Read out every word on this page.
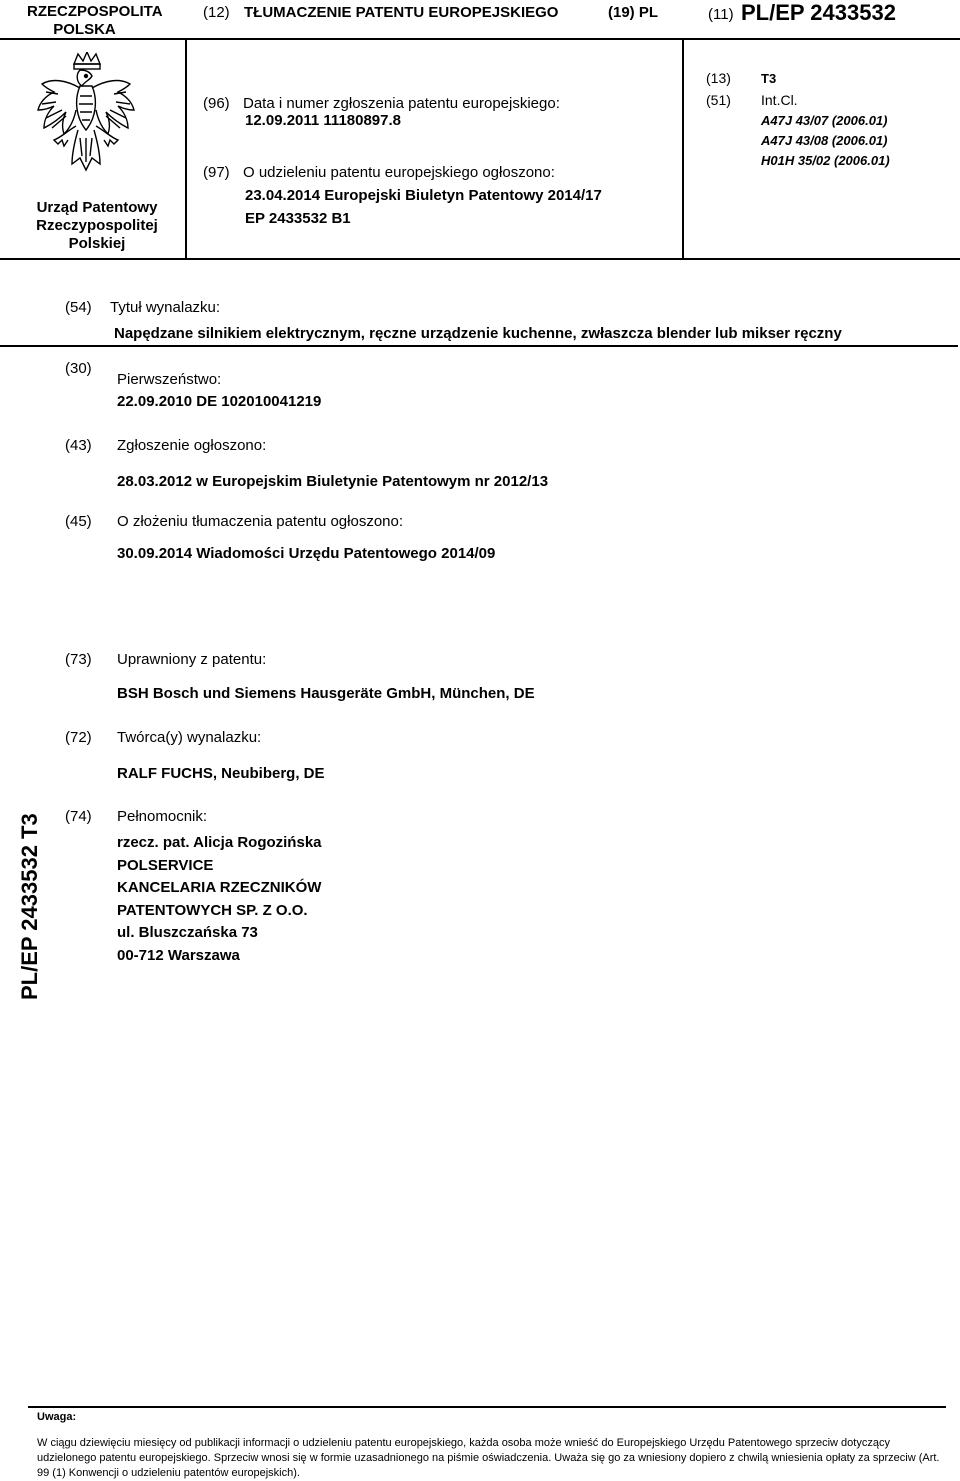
RZECZPOSPOLITA
POLSKA
(12) TŁUMACZENIE PATENTU EUROPEJSKIEGO	(19) PL	(11) PL/EP 2433532
Urząd Patentowy
Rzeczypospolitej
Polskiej
(96) Data i numer zgłoszenia patentu europejskiego:
12.09.2011 11180897.8
(97) O udzieleniu patentu europejskiego ogłoszono:
23.04.2014 Europejski Biuletyn Patentowy 2014/17
EP 2433532 B1
(13) T3
(51) Int.Cl.
A47J 43/07 (2006.01)
A47J 43/08 (2006.01)
H01H 35/02 (2006.01)
(54) Tytuł wynalazku:
Napędzane silnikiem elektrycznym, ręczne urządzenie kuchenne, zwłaszcza blender lub mikser ręczny
(30)
Pierwszeństwo:
22.09.2010 DE 102010041219
(43) Zgłoszenie ogłoszono:
28.03.2012 w Europejskim Biuletynie Patentowym nr 2012/13
(45) O złożeniu tłumaczenia patentu ogłoszono:
30.09.2014 Wiadomości Urzędu Patentowego 2014/09
(73) Uprawniony z patentu:
BSH Bosch und Siemens Hausgeräte GmbH, München, DE
(72) Twórca(y) wynalazku:
RALF FUCHS, Neubiberg, DE
(74) Pełnomocnik:
rzecz. pat. Alicja Rogozińska
POLSERVICE
KANCELARIA RZECZNIKÓW
PATENTOWYCH SP. Z O.O.
ul. Bluszczańska 73
00-712 Warszawa
PL/EP 2433532 T3
Uwaga:
W ciągu dziewięciu miesięcy od publikacji informacji o udzieleniu patentu europejskiego, każda osoba może wnieść do Europejskiego Urzędu Patentowego sprzeciw dotyczący udzielonego patentu europejskiego. Sprzeciw wnosi się w formie uzasadnionego na piśmie oświadczenia. Uważa się go za wniesiony dopiero z chwilą wniesienia opłaty za sprzeciw (Art. 99 (1) Konwencji o udzieleniu patentów europejskich).
